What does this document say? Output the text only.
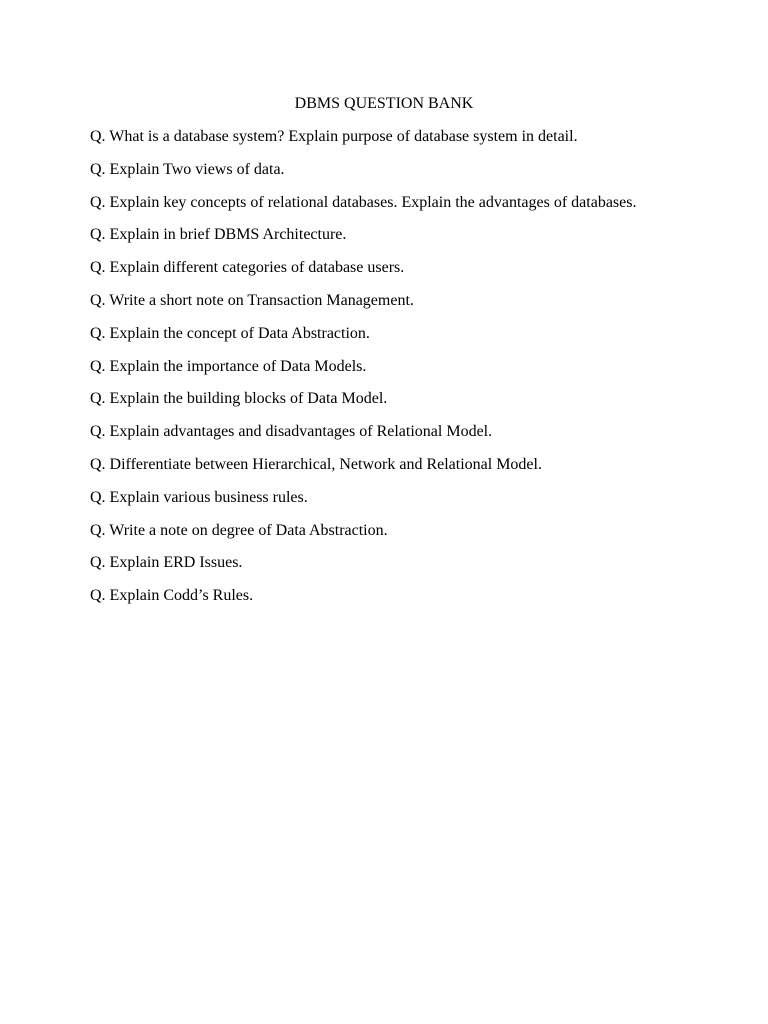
DBMS QUESTION BANK
Q. What is a database system? Explain purpose of database system in detail.
Q. Explain Two views of data.
Q. Explain key concepts of relational databases. Explain the advantages of databases.
Q. Explain in brief DBMS Architecture.
Q. Explain different categories of database users.
Q. Write a short note on Transaction Management.
Q. Explain the concept of Data Abstraction.
Q. Explain the importance of Data Models.
Q. Explain the building blocks of Data Model.
Q. Explain advantages and disadvantages of Relational Model.
Q. Differentiate between Hierarchical, Network and Relational Model.
Q. Explain various business rules.
Q. Write a note on degree of Data Abstraction.
Q. Explain ERD Issues.
Q. Explain Codd’s Rules.
